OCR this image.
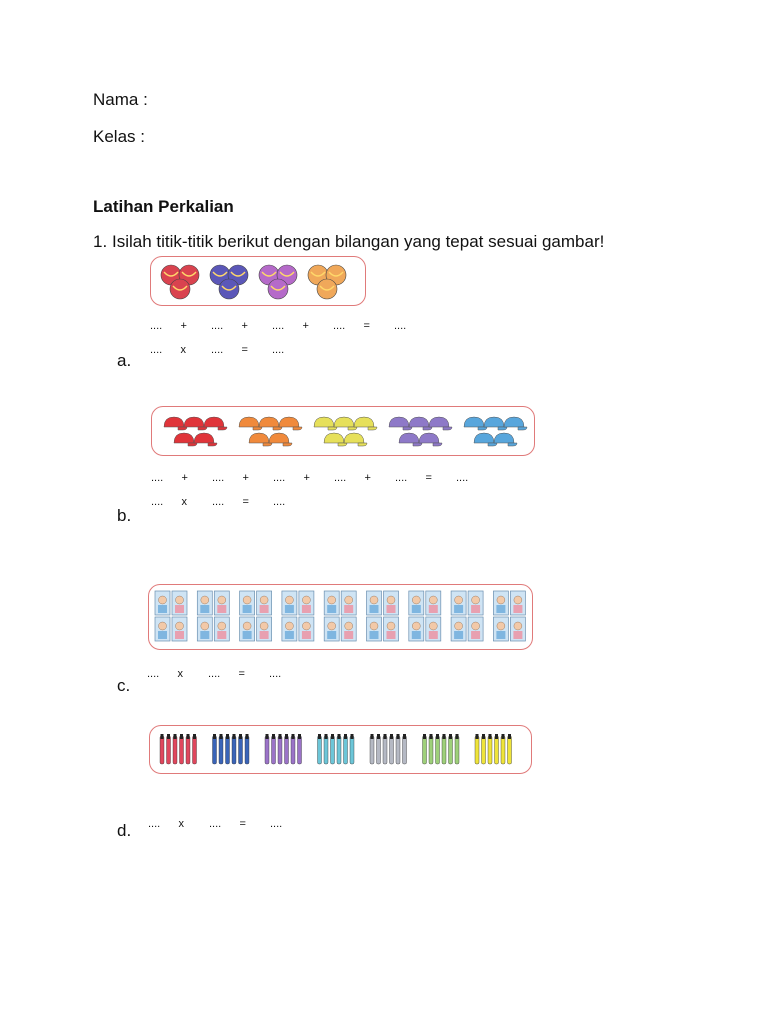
Nama :
Kelas :
Latihan Perkalian
1. Isilah titik-titik berikut dengan bilangan yang tepat sesuai gambar!
.... + .... + .... + .... = ....
.... x .... = ....
a.
.... + .... + .... + .... + .... = ....
.... x .... = ....
b.
.... x .... = ....
c.
.... x .... = ....
d.
